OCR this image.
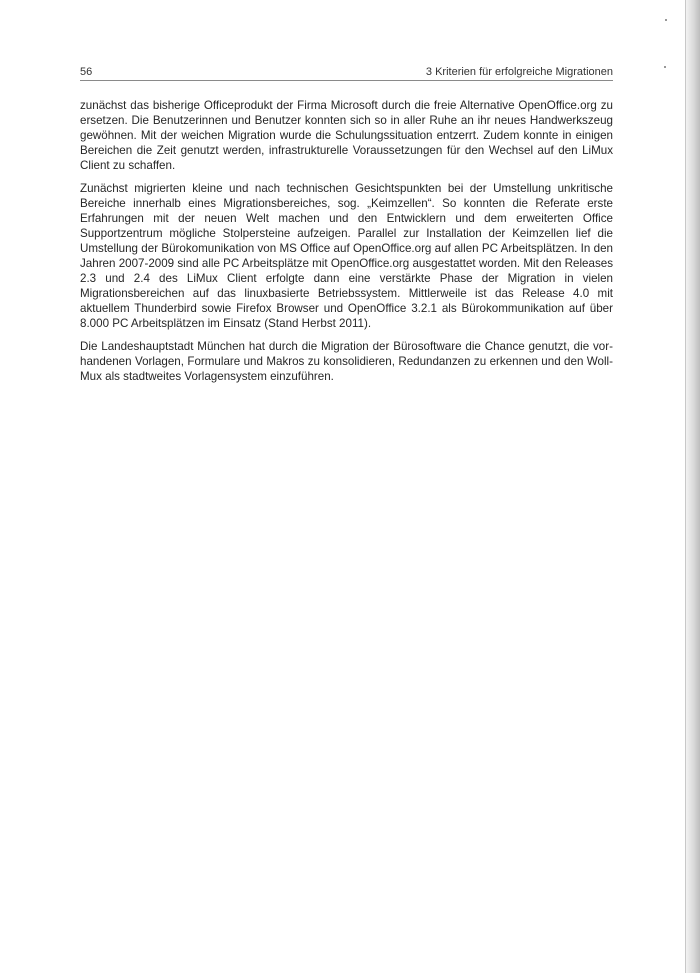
56	3 Kriterien für erfolgreiche Migrationen

zunächst das bisherige Officeprodukt der Firma Microsoft durch die freie Alternative OpenOffice.org zu ersetzen. Die Benutzerinnen und Benutzer konnten sich so in aller Ruhe an ihr neues Handwerkszeug gewöhnen. Mit der weichen Migration wurde die Schulungssituation entzerrt. Zudem konnte in einigen Bereichen die Zeit genutzt werden, infrastrukturelle Voraussetzungen für den Wechsel auf den LiMux Client zu schaffen.

Zunächst migrierten kleine und nach technischen Gesichtspunkten bei der Umstellung unkritische Bereiche innerhalb eines Migrationsbereiches, sog. „Keimzellen“. So konnten die Referate erste Erfahrungen mit der neuen Welt machen und den Entwicklern und dem erweiterten Office Supportzentrum mögliche Stolpersteine aufzeigen. Parallel zur Installation der Keimzellen lief die Umstellung der Bürokomunikation von MS Office auf OpenOffice.org auf allen PC Arbeitsplätzen. In den Jahren 2007-2009 sind alle PC Arbeitsplätze mit OpenOffice.org ausgestattet worden. Mit den Releases 2.3 und 2.4 des LiMux Client erfolgte dann eine verstärkte Phase der Migration in vielen Migrationsbereichen auf das linuxbasierte Betriebssystem. Mittlerweile ist das Release 4.0 mit aktuellem Thunderbird sowie Firefox Browser und OpenOffice 3.2.1 als Bürokommunikation auf über 8.000 PC Arbeitsplätzen im Einsatz (Stand Herbst 2011).

Die Landeshauptstadt München hat durch die Migration der Bürosoftware die Chance genutzt, die vorhandenen Vorlagen, Formulare und Makros zu konsolidieren, Redundanzen zu erkennen und den WollMux als stadtweites Vorlagensystem einzuführen.
